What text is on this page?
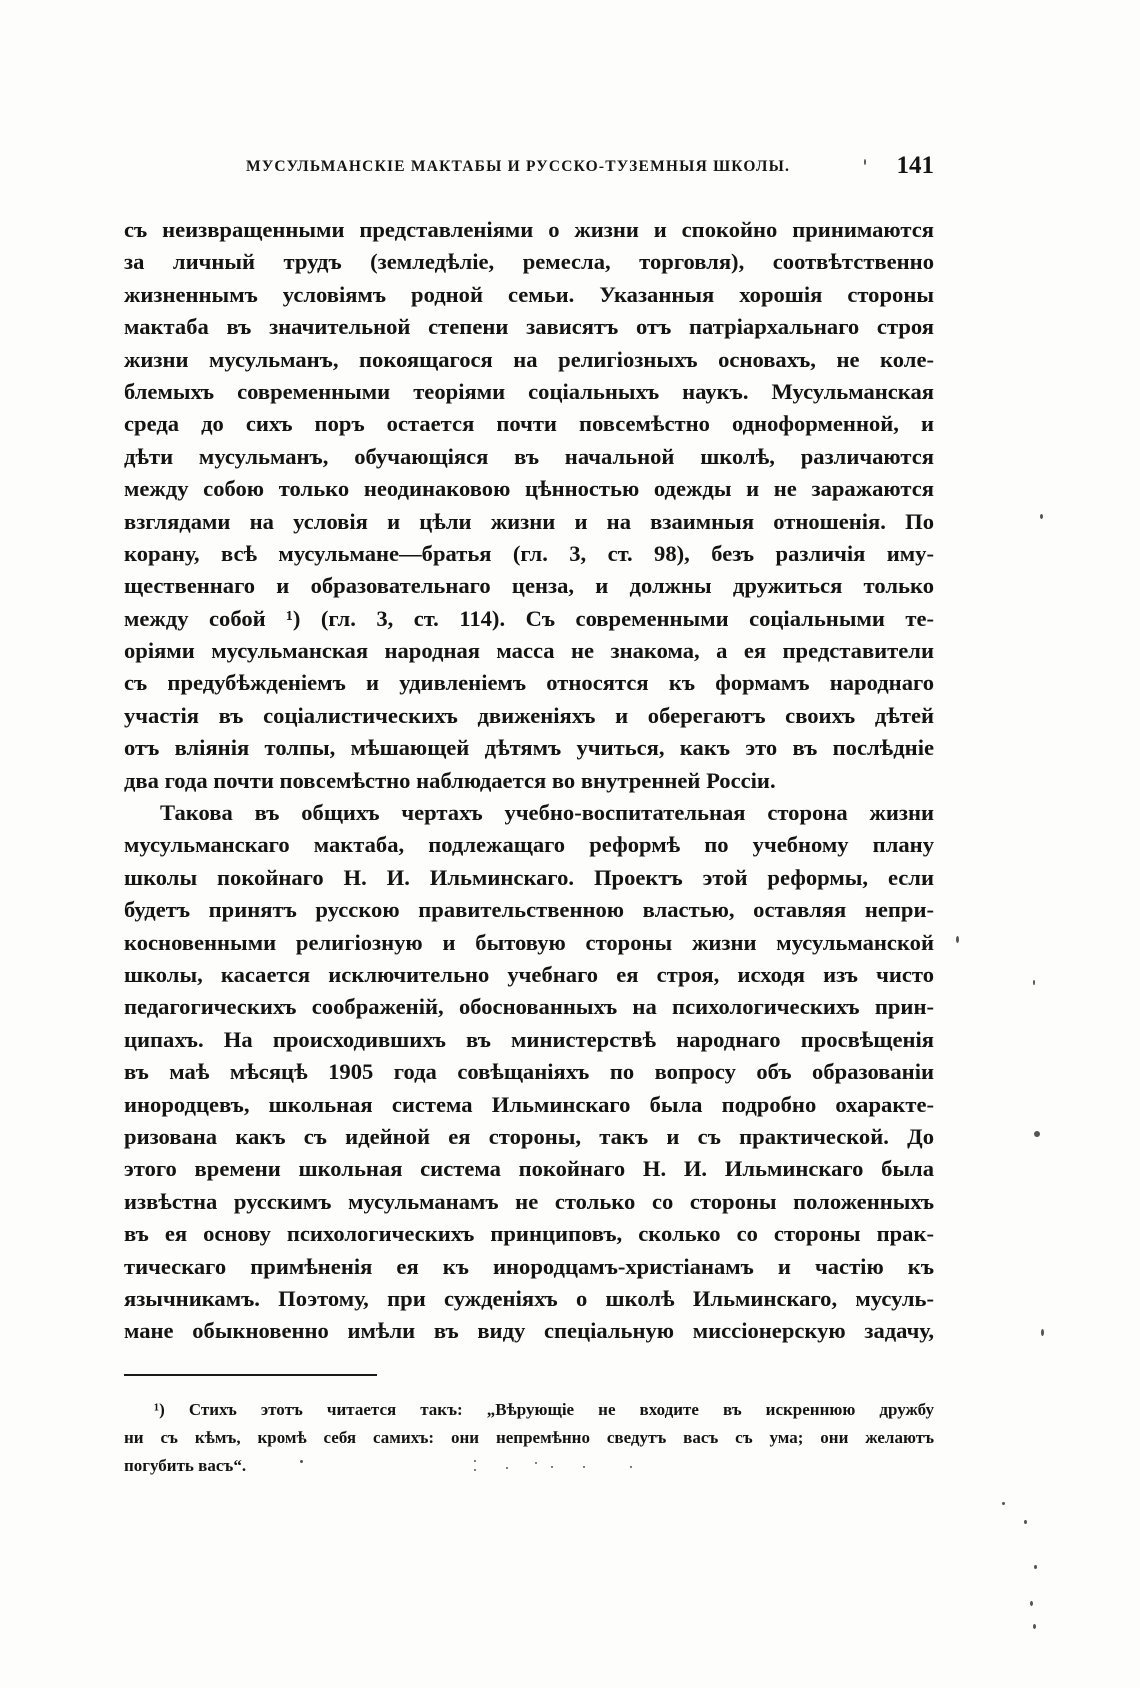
МУСУЛЬМАНСКІЕ МАКТАБЫ И РУССКО-ТУЗЕМНЫЯ ШКОЛЫ.	141
съ неизвращенными представленіями о жизни и спокойно принимаются
за личный трудъ (земледѣліе, ремесла, торговля), соотвѣтственно
жизненнымъ условіямъ родной семьи. Указанныя хорошія стороны
мактаба въ значительной степени зависятъ отъ патріархальнаго строя
жизни мусульманъ, покоящагося на религіозныхъ основахъ, не коле-
блемыхъ современными теоріями соціальныхъ наукъ. Мусульманская
среда до сихъ поръ остается почти повсемѣстно одноформенной, и
дѣти мусульманъ, обучающіяся въ начальной школѣ, различаются
между собою только неодинаковою цѣнностью одежды и не заражаются
взглядами на условія и цѣли жизни и на взаимныя отношенія. По
корану, всѣ мусульмане—братья (гл. 3, ст. 98), безъ различія иму-
щественнаго и образовательнаго ценза, и должны дружиться только
между собой ¹) (гл. 3, ст. 114). Съ современными соціальными те-
оріями мусульманская народная масса не знакома, а ея представители
съ предубѣжденіемъ и удивленіемъ относятся къ формамъ народнаго
участія въ соціалистическихъ движеніяхъ и оберегаютъ своихъ дѣтей
отъ вліянія толпы, мѣшающей дѣтямъ учиться, какъ это въ послѣдніе
два года почти повсемѣстно наблюдается во внутренней Россіи.
Такова въ общихъ чертахъ учебно-воспитательная сторона жизни
мусульманскаго мактаба, подлежащаго реформѣ по учебному плану
школы покойнаго Н. И. Ильминскаго. Проектъ этой реформы, если
будетъ принятъ русскою правительственною властью, оставляя непри-
косновенными религіозную и бытовую стороны жизни мусульманской
школы, касается исключительно учебнаго ея строя, исходя изъ чисто
педагогическихъ соображеній, обоснованныхъ на психологическихъ прин-
ципахъ. На происходившихъ въ министерствѣ народнаго просвѣщенія
въ маѣ мѣсяцѣ 1905 года совѣщаніяхъ по вопросу объ образованіи
инородцевъ, школьная система Ильминскаго была подробно охаракте-
ризована какъ съ идейной ея стороны, такъ и съ практической. До
этого времени школьная система покойнаго Н. И. Ильминскаго была
извѣстна русскимъ мусульманамъ не столько со стороны положенныхъ
въ ея основу психологическихъ принциповъ, сколько со стороны прак-
тическаго примѣненія ея къ инородцамъ-христіанамъ и частію къ
язычникамъ. Поэтому, при сужденіяхъ о школѣ Ильминскаго, мусуль-
мане обыкновенно имѣли въ виду спеціальную миссіонерскую задачу,
¹) Стихъ этотъ читается такъ: „Вѣрующіе не входите въ искреннюю дружбу
ни съ кѣмъ, кромѣ себя самихъ: они непремѣнно сведутъ васъ съ ума; они желаютъ
погубить васъ“.
